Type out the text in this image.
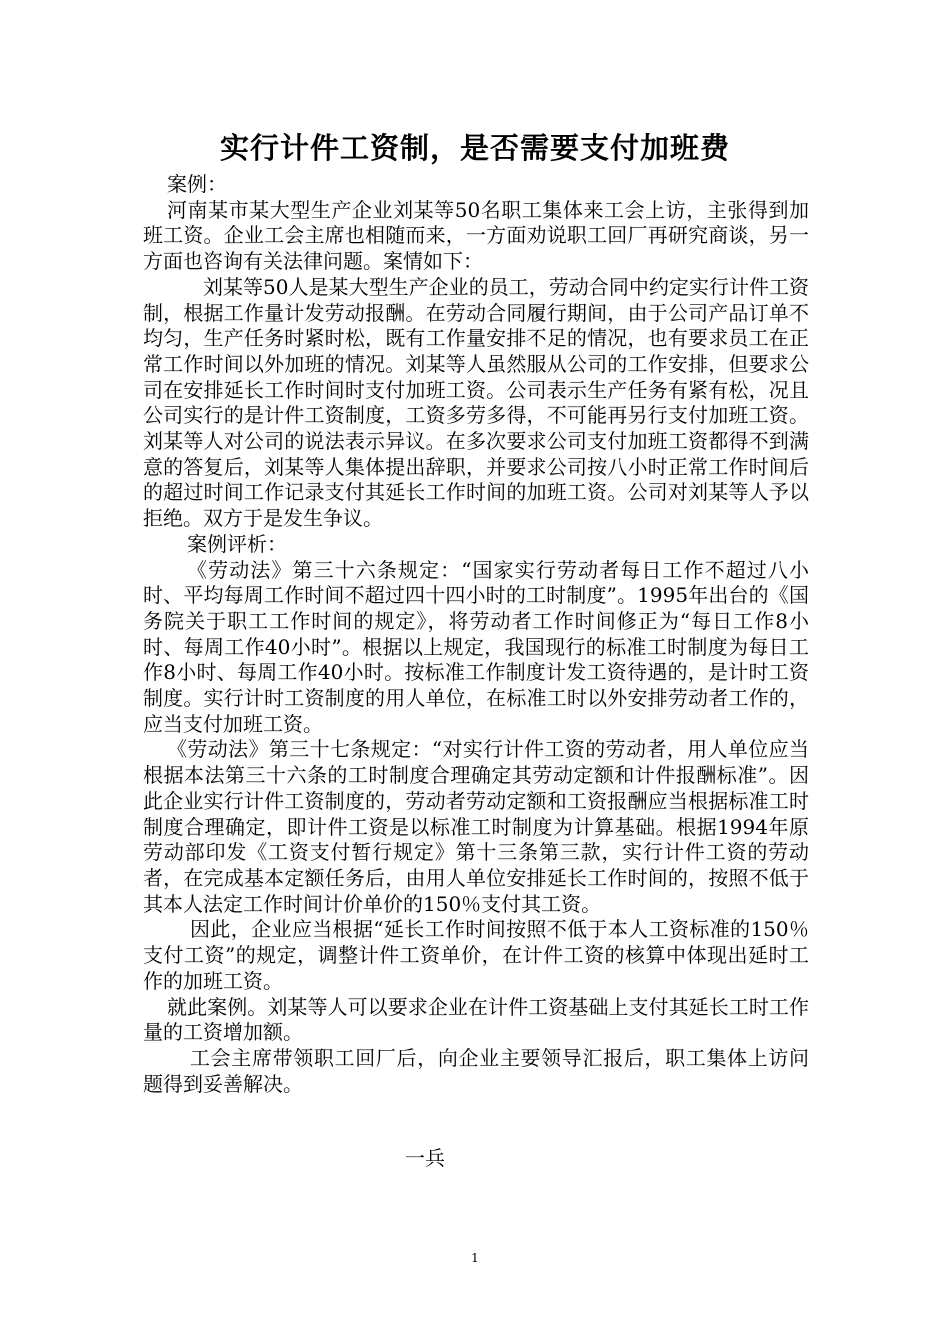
实行计件工资制，是否需要支付加班费

案例：

河南某市某大型生产企业刘某等50名职工集体来工会上访，主张得到加班工资。企业工会主席也相随而来，一方面劝说职工回厂再研究商谈，另一方面也咨询有关法律问题。案情如下：

刘某等50人是某大型生产企业的员工，劳动合同中约定实行计件工资制，根据工作量计发劳动报酬。在劳动合同履行期间，由于公司产品订单不均匀，生产任务时紧时松，既有工作量安排不足的情况，也有要求员工在正常工作时间以外加班的情况。刘某等人虽然服从公司的工作安排，但要求公司在安排延长工作时间时支付加班工资。公司表示生产任务有紧有松，况且公司实行的是计件工资制度，工资多劳多得，不可能再另行支付加班工资。刘某等人对公司的说法表示异议。在多次要求公司支付加班工资都得不到满意的答复后，刘某等人集体提出辞职，并要求公司按八小时正常工作时间后的超过时间工作记录支付其延长工作时间的加班工资。公司对刘某等人予以拒绝。双方于是发生争议。

案例评析：

《劳动法》第三十六条规定：“国家实行劳动者每日工作不超过八小时、平均每周工作时间不超过四十四小时的工时制度”。1995年出台的《国务院关于职工工作时间的规定》，将劳动者工作时间修正为“每日工作8小时、每周工作40小时”。根据以上规定，我国现行的标准工时制度为每日工作8小时、每周工作40小时。按标准工作制度计发工资待遇的，是计时工资制度。实行计时工资制度的用人单位，在标准工时以外安排劳动者工作的，应当支付加班工资。

《劳动法》第三十七条规定：“对实行计件工资的劳动者，用人单位应当根据本法第三十六条的工时制度合理确定其劳动定额和计件报酬标准”。因此企业实行计件工资制度的，劳动者劳动定额和工资报酬应当根据标准工时制度合理确定，即计件工资是以标准工时制度为计算基础。根据1994年原劳动部印发《工资支付暂行规定》第十三条第三款，实行计件工资的劳动者，在完成基本定额任务后，由用人单位安排延长工作时间的，按照不低于其本人法定工作时间计价单价的150％支付其工资。

因此，企业应当根据“延长工作时间按照不低于本人工资标准的150％支付工资”的规定，调整计件工资单价，在计件工资的核算中体现出延时工作的加班工资。

就此案例。刘某等人可以要求企业在计件工资基础上支付其延长工时工作量的工资增加额。

工会主席带领职工回厂后，向企业主要领导汇报后，职工集体上访问题得到妥善解决。

一兵
1
